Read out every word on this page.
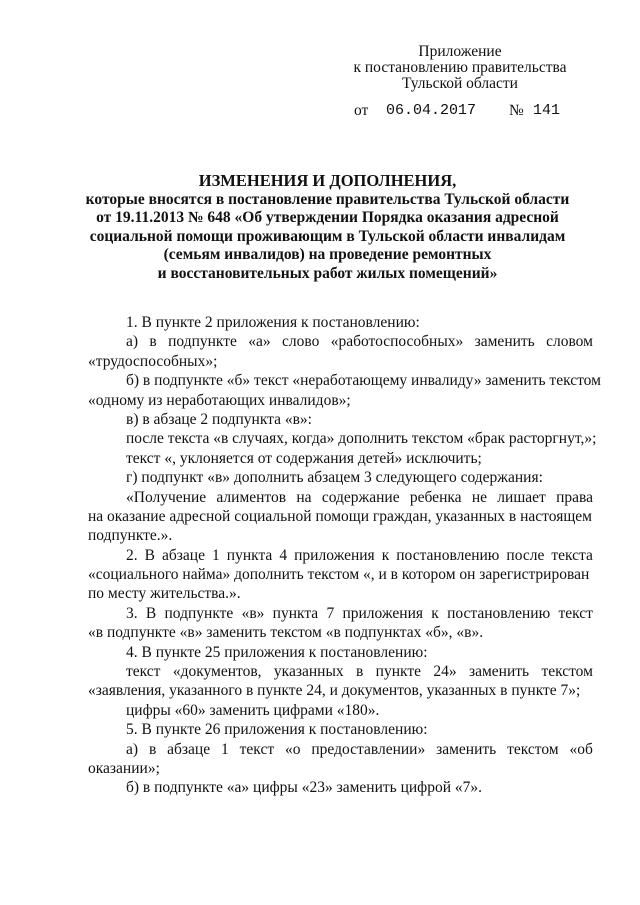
Приложение
к постановлению правительства
Тульской области
от 06.04.2017 № 141
ИЗМЕНЕНИЯ И ДОПОЛНЕНИЯ,
которые вносятся в постановление правительства Тульской области
от 19.11.2013 № 648 «Об утверждении Порядка оказания адресной
социальной помощи проживающим в Тульской области инвалидам
(семьям инвалидов) на проведение ремонтных
и восстановительных работ жилых помещений»
1. В пункте 2 приложения к постановлению:
а) в подпункте «а» слово «работоспособных» заменить словом
«трудоспособных»;
б) в подпункте «б» текст «неработающему инвалиду» заменить текстом
«одному из неработающих инвалидов»;
в) в абзаце 2 подпункта «в»:
после текста «в случаях, когда» дополнить текстом «брак расторгнут,»;
текст «, уклоняется от содержания детей» исключить;
г) подпункт «в» дополнить абзацем 3 следующего содержания:
«Получение алиментов на содержание ребенка не лишает права
на оказание адресной социальной помощи граждан, указанных в настоящем
подпункте.».
2. В абзаце 1 пункта 4 приложения к постановлению после текста
«социального найма» дополнить текстом «, и в котором он зарегистрирован
по месту жительства.».
3. В подпункте «в» пункта 7 приложения к постановлению текст
«в подпункте «в» заменить текстом «в подпунктах «б», «в».
4. В пункте 25 приложения к постановлению:
текст «документов, указанных в пункте 24» заменить текстом
«заявления, указанного в пункте 24, и документов, указанных в пункте 7»;
цифры «60» заменить цифрами «180».
5. В пункте 26 приложения к постановлению:
а) в абзаце 1 текст «о предоставлении» заменить текстом «об
оказании»;
б) в подпункте «а» цифры «23» заменить цифрой «7».
